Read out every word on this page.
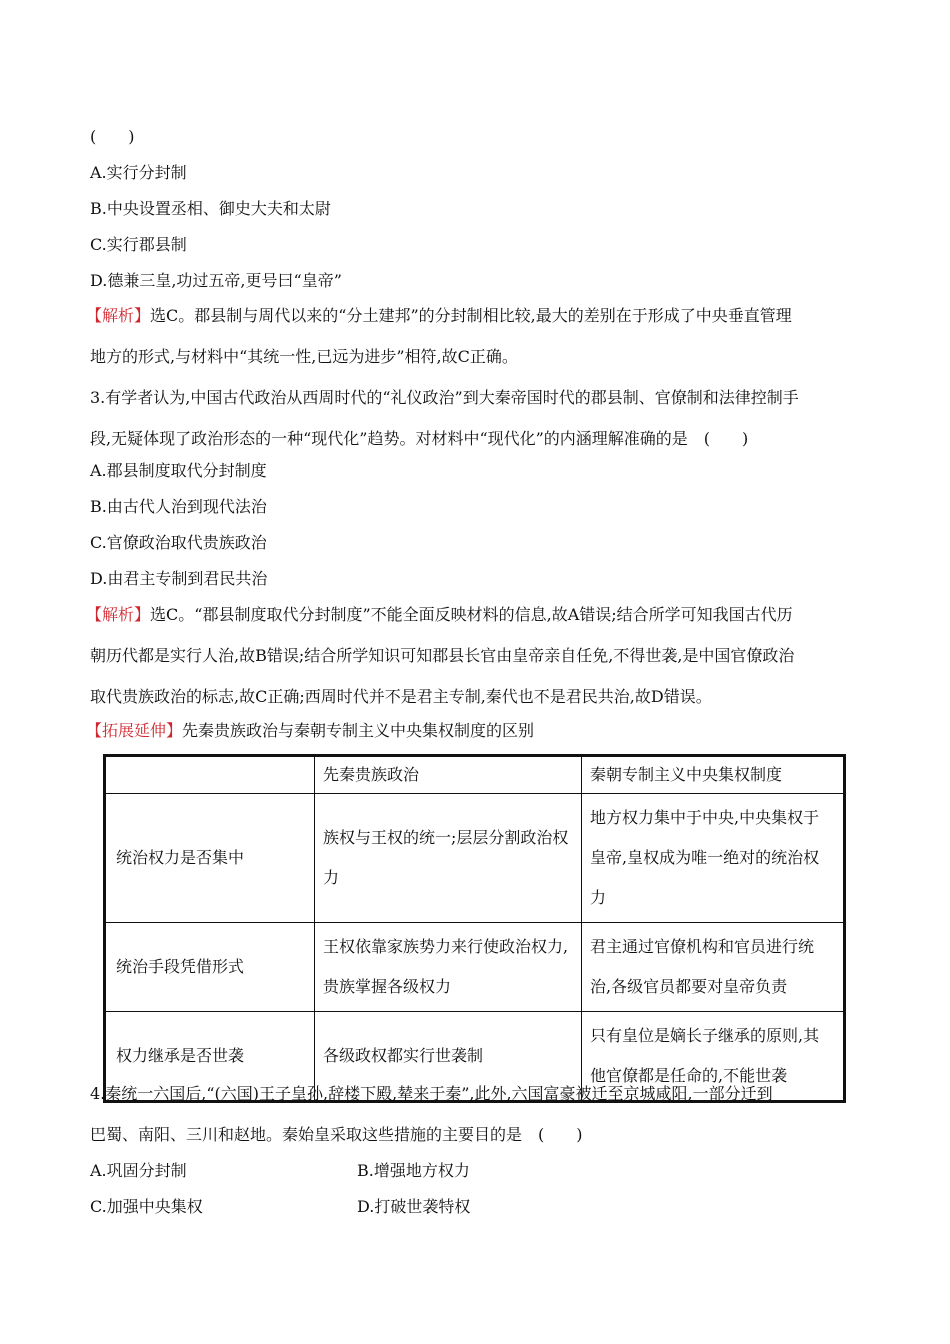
(　　)
A.实行分封制
B.中央设置丞相、御史大夫和太尉
C.实行郡县制
D.德兼三皇,功过五帝,更号曰“皇帝”
【解析】选C。郡县制与周代以来的“分土建邦”的分封制相比较,最大的差别在于形成了中央垂直管理
地方的形式,与材料中“其统一性,已远为进步”相符,故C正确。
3.有学者认为,中国古代政治从西周时代的“礼仪政治”到大秦帝国时代的郡县制、官僚制和法律控制手
段,无疑体现了政治形态的一种“现代化”趋势。对材料中“现代化”的内涵理解准确的是　(　　)
A.郡县制度取代分封制度
B.由古代人治到现代法治
C.官僚政治取代贵族政治
D.由君主专制到君民共治
【解析】选C。“郡县制度取代分封制度”不能全面反映材料的信息,故A错误;结合所学可知我国古代历
朝历代都是实行人治,故B错误;结合所学知识可知郡县长官由皇帝亲自任免,不得世袭,是中国官僚政治
取代贵族政治的标志,故C正确;西周时代并不是君主专制,秦代也不是君民共治,故D错误。
【拓展延伸】先秦贵族政治与秦朝专制主义中央集权制度的区别
	先秦贵族政治	秦朝专制主义中央集权制度
统治权力是否集中	族权与王权的统一;层层分割政治权力	地方权力集中于中央,中央集权于皇帝,皇权成为唯一绝对的统治权力
统治手段凭借形式	王权依靠家族势力来行使政治权力,贵族掌握各级权力	君主通过官僚机构和官员进行统治,各级官员都要对皇帝负责
权力继承是否世袭	各级政权都实行世袭制	只有皇位是嫡长子继承的原则,其他官僚都是任命的,不能世袭
4.秦统一六国后,“(六国)王子皇孙,辞楼下殿,辇来于秦”,此外,六国富豪被迁至京城咸阳,一部分迁到
巴蜀、南阳、三川和赵地。秦始皇采取这些措施的主要目的是　(　　)
A.巩固分封制	B.增强地方权力
C.加强中央集权	D.打破世袭特权
